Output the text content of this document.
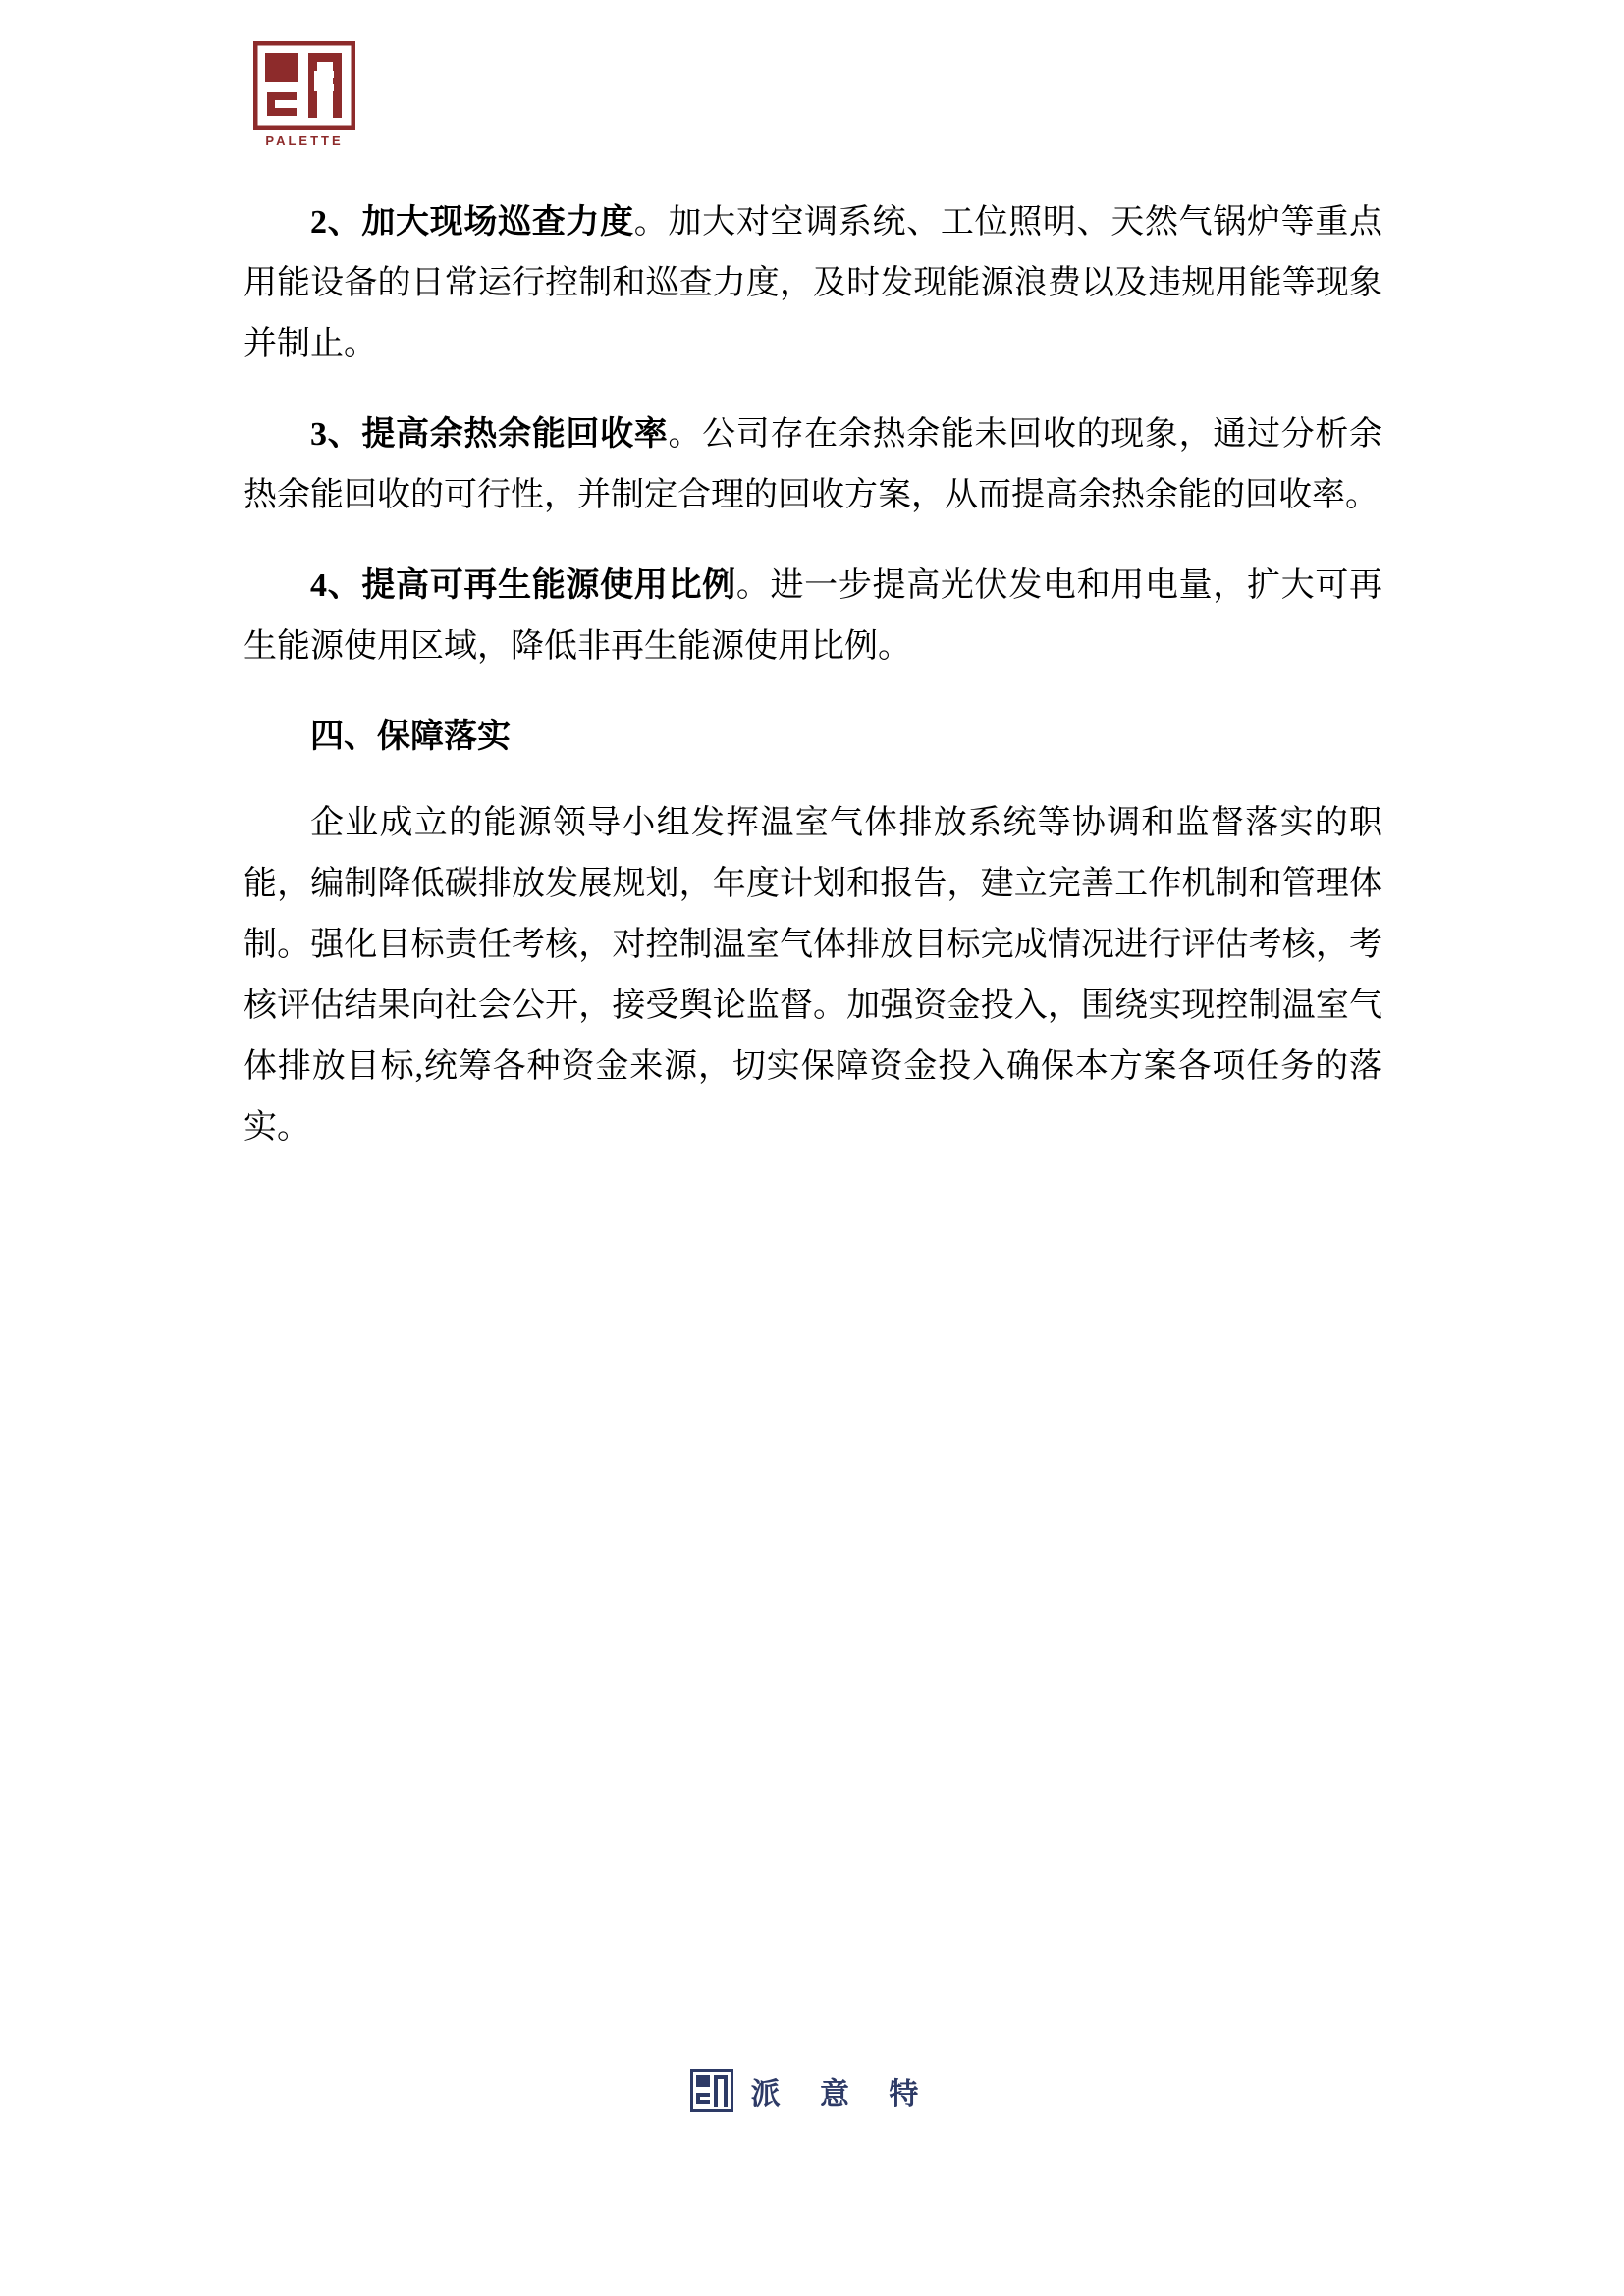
PALETTE

2、加大现场巡查力度。加大对空调系统、工位照明、天然气锅炉等重点用能设备的日常运行控制和巡查力度，及时发现能源浪费以及违规用能等现象并制止。

3、提高余热余能回收率。公司存在余热余能未回收的现象，通过分析余热余能回收的可行性，并制定合理的回收方案，从而提高余热余能的回收率。

4、提高可再生能源使用比例。进一步提高光伏发电和用电量，扩大可再生能源使用区域，降低非再生能源使用比例。

四、保障落实

企业成立的能源领导小组发挥温室气体排放系统等协调和监督落实的职能，编制降低碳排放发展规划，年度计划和报告，建立完善工作机制和管理体制。强化目标责任考核，对控制温室气体排放目标完成情况进行评估考核，考核评估结果向社会公开，接受舆论监督。加强资金投入，围绕实现控制温室气体排放目标,统筹各种资金来源，切实保障资金投入确保本方案各项任务的落实。

派 意 特
